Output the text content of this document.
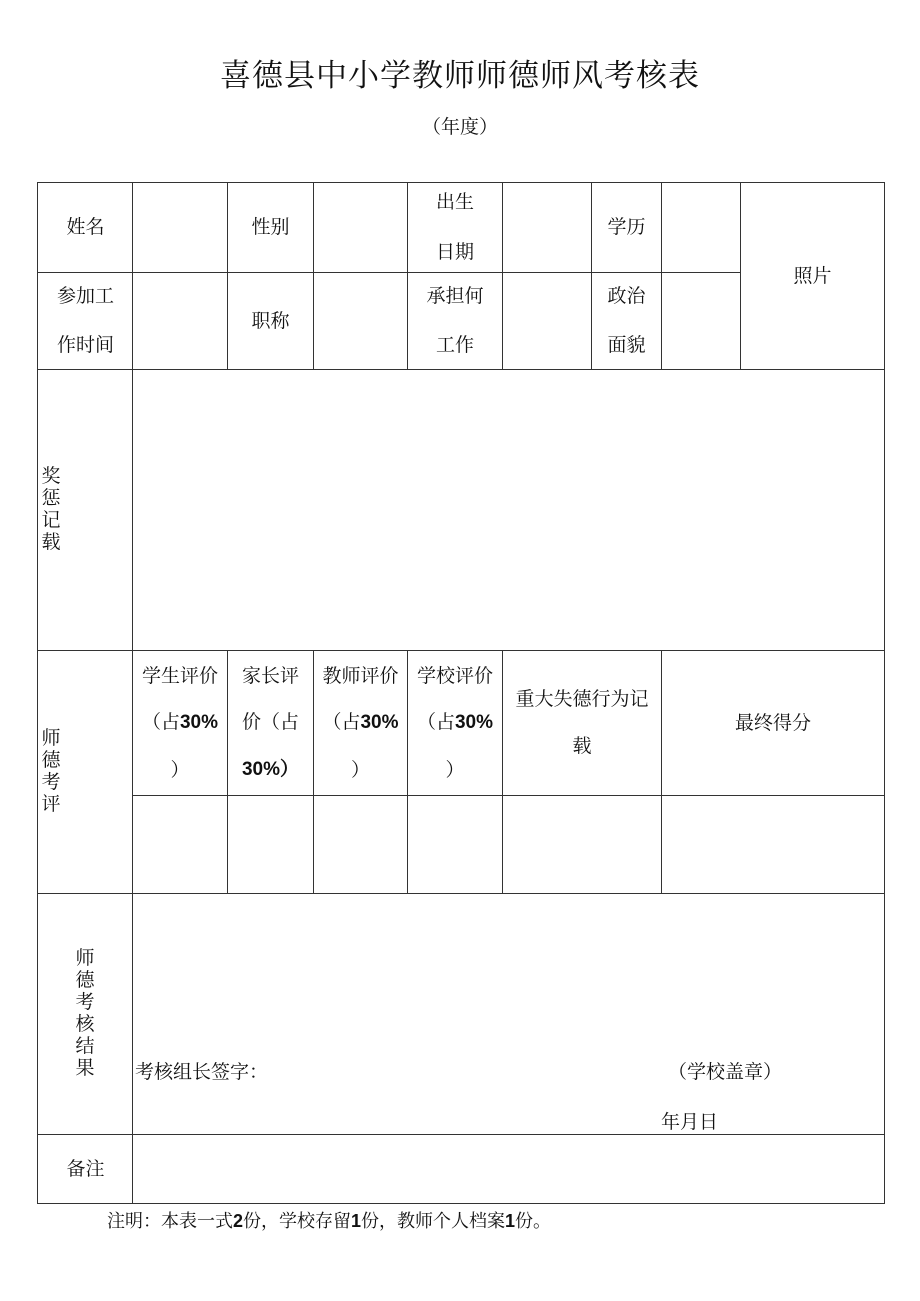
喜德县中小学教师师德师风考核表
（年度）
姓名	性别
出生
日期
学历
照片
参加工
作时间
职称
承担何
工作
政治
面貌
奖
惩
记
载
师
德
考
评
学生评价
（占30%
）
家长评
价（占
30%）
教师评价
（占30%
）
学校评价
（占30%
）
重大失德行为记
载
最终得分
师
德
考
核
结
果 考核组长签字：	（学校盖章）
年月日
备注
注明：本表一式2份，学校存留1份，教师个人档案1份。
